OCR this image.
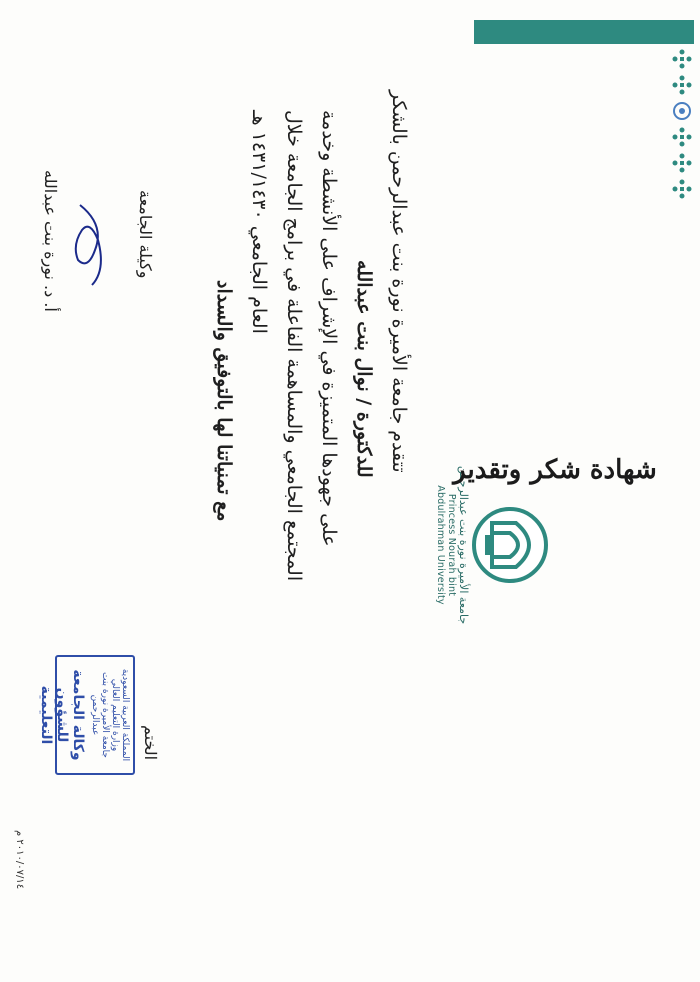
جامعة الأميرة نورة بنت عبدالرحمن
Princess Nourah bint Abdulrahman University
شهادة شكر وتقدير
تتقدم جامعة الأميرة نورة بنت عبدالرحمن بالشكر
للدكتورة / نوال بنت عبدالله
على جهودها المتميزة في الإشراف على الأنشطة وخدمة
المجتمع الجامعي والمساهمة الفاعلة في برامج الجامعة خلال
العام الجامعي ١٤٣١/١٤٣٠ هـ
مع تمنياتنا لها بالتوفيق والسداد
الختم
المملكة العربية السعودية
وزارة التعليم العالي
جامعة الأميرة نورة بنت عبدالرحمن
وكالة الجامعة للشؤون التعليمية
وكيلة الجامعة
أ. د. نورة بنت عبدالله
٢٠١٠/٠٧/١٤ م
